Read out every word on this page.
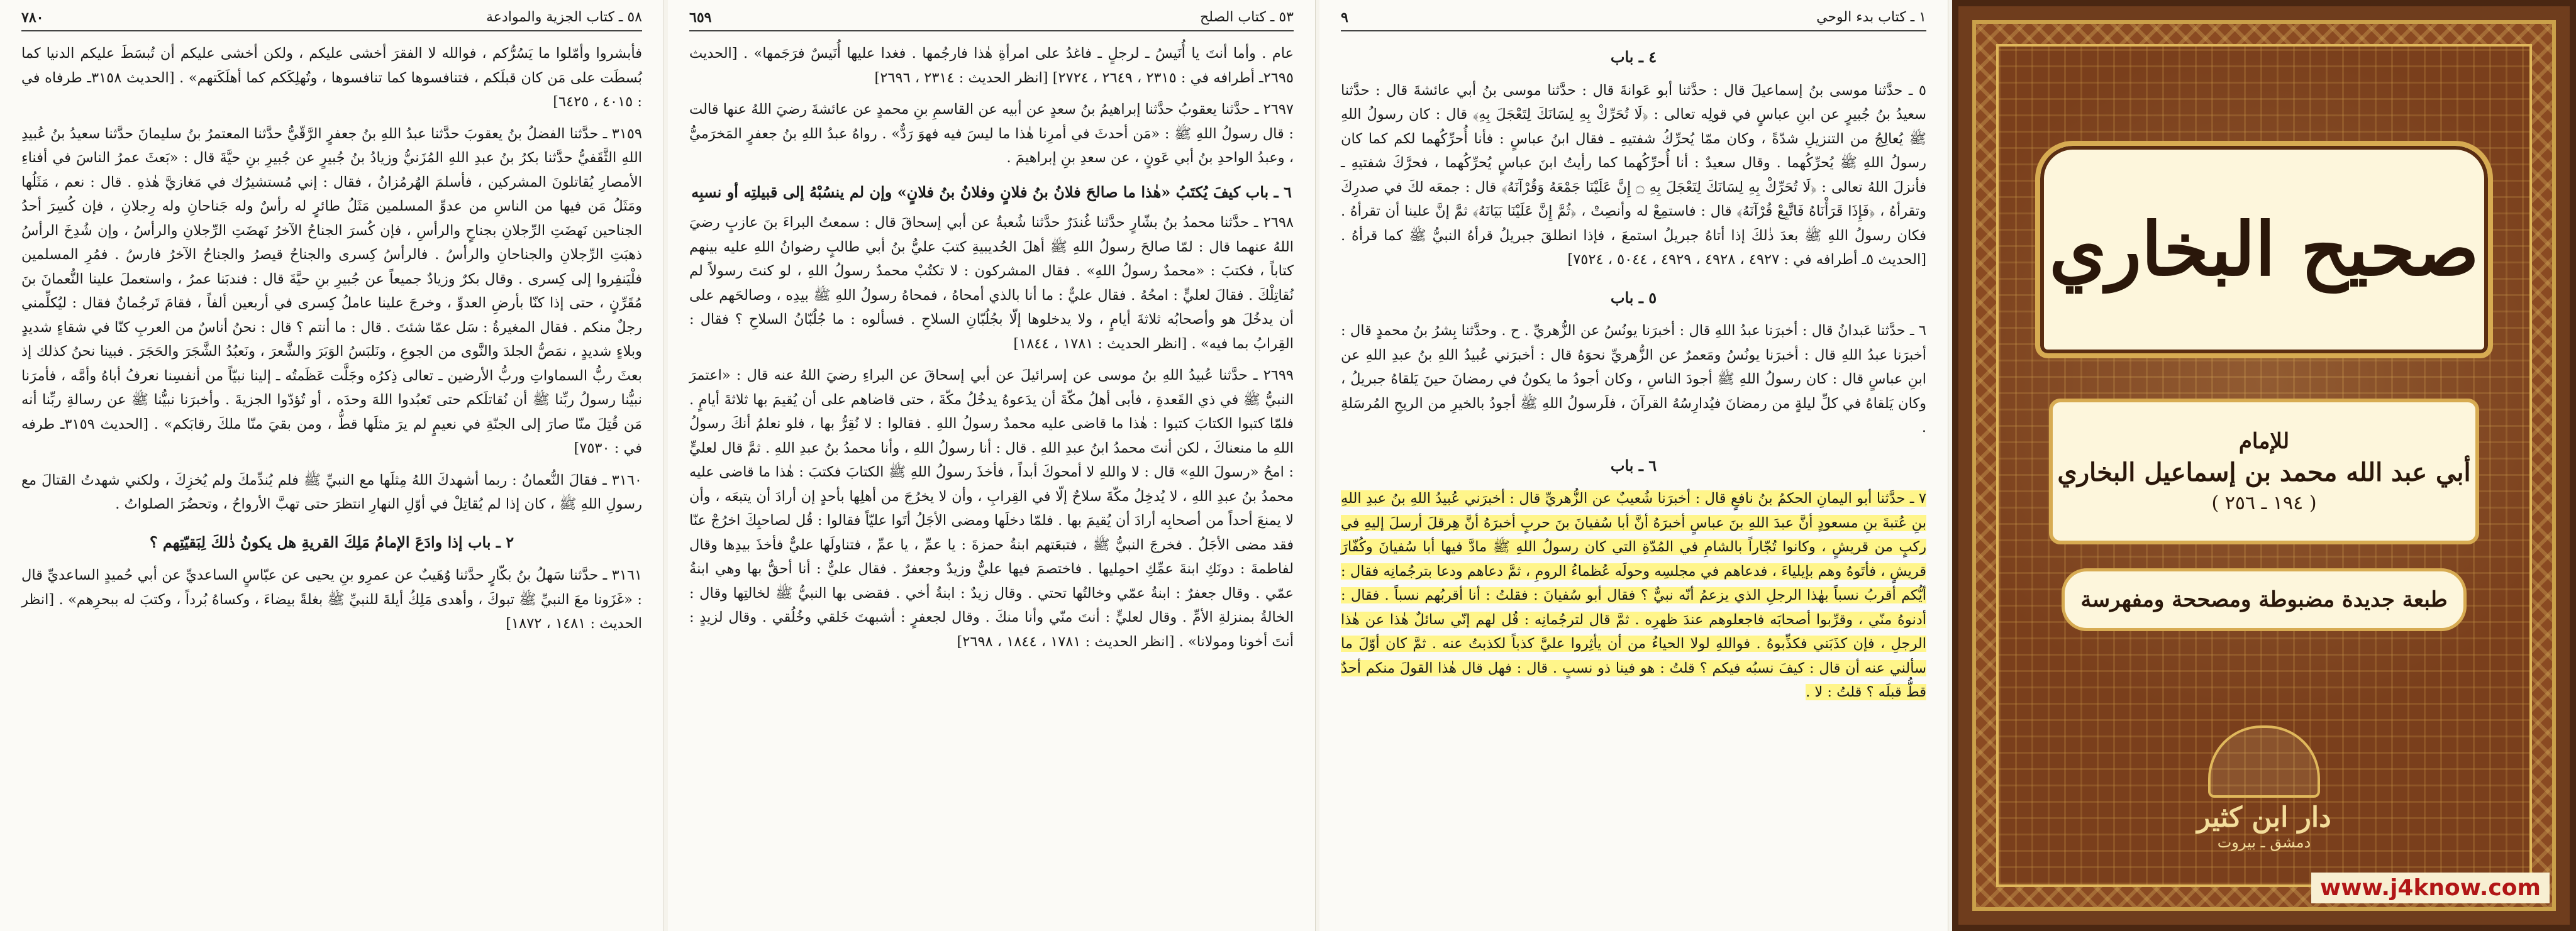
٧٨٠	٥٨ ـ كتاب الجزية والموادعة

فأبشروا وأمّلوا ما يَسُرُّكم ، فوالله لا الفقرَ أخشى عليكم ، ولكن أخشى عليكم أن تُبسَطَ عليكم الدنيا كما بُسطَت على مَن كان قبلَكم ، فتنافسوها كما تنافسوها ، وتُهلِكَكم كما أهلَكَتهم» . [الحديث ٣١٥٨ـ طرفاه في : ٤٠١٥ ، ٦٤٢٥]

٣١٥٩ ـ حدَّثنا الفضلُ بنُ يعقوبَ حدَّثنا عبدُ اللهِ بنُ جعفرٍ الرَّقّيُّ حدَّثنا المعتمرُ بنُ سليمانَ حدَّثنا سعيدُ بنُ عُبيدِ اللهِ الثَّقَفيُّ حدَّثنا بكرُ بنُ عبدِ اللهِ المُزَنيُّ وزيادُ بنُ جُبيرٍ عن جُبيرِ بنِ حيَّةَ قال : «بَعثَ عمرُ الناسَ في أفناءِ الأمصارِ يُقاتلونَ المشركين ، فأسلمَ الهُرمُزانُ ، فقال : إني مُستشيرُك في مَغازيَّ هٰذهِ . قال : نعم ، مَثَلُها ومَثَلُ مَن فيها من الناسِ من عدوِّ المسلمين مَثَلُ طائرٍ له رأسٌ وله جَناحانِ وله رِجلانِ ، فإن كُسِرَ أحدُ الجناحين نَهضَتِ الرِّجلانِ بجناحٍ والرأسِ ، فإن كُسرَ الجناحُ الآخرُ نَهضَتِ الرِّجلانِ والرأسُ ، وإن شُدِخَ الرأسُ ذهبَتِ الرِّجلانِ والجناحانِ والرأسُ . فالرأسُ كِسرى والجناحُ قيصرُ والجناحُ الآخرُ فارسُ . فمُرِ المسلمين فلْيَنفِروا إلى كِسرى . وقال بكرٌ وزيادٌ جميعاً عن جُبيرِ بنِ حيَّةَ قال : فندبَنا عمرُ ، واستعملَ علينا النُّعمانَ بنَ مُقَرِّنٍ ، حتى إذا كنّا بأرضِ العدوِّ ، وخرجَ علينا عاملُ كِسرى في أربعين ألفاً ، فقامَ تَرجُمانٌ فقال : ليُكلِّمني رجلٌ منكم . فقال المغيرةُ : سَل عمّا شئتَ . قال : ما أنتم ؟ قال : نحنُ أناسٌ من العربِ كنّا في شقاءٍ شديدٍ وبلاءٍ شديدٍ ، نمَصُّ الجلدَ والنَّوى من الجوعِ ، ونَلبَسُ الوَبَرَ والشَّعرَ ، ونَعبُدُ الشَّجَرَ والحَجَرَ . فبينا نحنُ كذلك إذ بعثَ ربُّ السماواتِ وربُّ الأرضين ـ تعالى ذِكرُه وجَلَّت عَظَمتُه ـ إلينا نبيّاً من أنفسِنا نعرفُ أباهُ وأمَّه ، فأمرَنا نبيُّنا رسولُ ربِّنا ﷺ أن نُقاتلَكم حتى تَعبُدوا اللهَ وحدَه ، أو تُؤدّوا الجزيةَ . وأخبرَنا نبيُّنا ﷺ عن رسالةِ ربِّنا أنه مَن قُتِلَ منّا صارَ إلى الجنّةِ في نعيمٍ لم يرَ مثلَها قطُّ ، ومن بقيَ منّا ملكَ رقابَكم» . [الحديث ٣١٥٩ـ طرفه في : ٧٥٣٠]

٣١٦٠ ـ فقالَ النُّعمانُ : ربما أشهدكَ اللهُ مِثلَها مع النبيِّ ﷺ فلم يُندِّمكَ ولم يُخزِكَ ، ولكني شهدتُ القتالَ مع رسولِ اللهِ ﷺ ، كان إذا لم يُقاتِلْ في أوّلِ النهارِ انتظرَ حتى تهبَّ الأرواحُ ، وتحضُرَ الصلواتُ .

٢ ـ باب إذا وادَعَ الإمامُ مَلِكَ القريةِ هل يكونُ ذٰلكَ لِبَقيّتِهم ؟

٣١٦١ ـ حدَّثنا سَهلُ بنُ بكّارٍ حدَّثنا وُهَيبٌ عن عمرِو بنِ يحيى عن عبّاسٍ الساعديِّ عن أبي حُميدٍ الساعديِّ قال : «غَزَونا معَ النبيِّ ﷺ تبوكَ ، وأهدى مَلِكُ أيلةَ للنبيِّ ﷺ بغلةً بيضاءَ ، وكساهُ بُرداً ، وكتبَ له ببحرِهم» . [انظر الحديث : ١٤٨١ ، ١٨٧٢]

٦٥٩	٥٣ ـ كتاب الصلح

عام . وأما أنتَ يا أُنَيسُ ـ لرجلٍ ـ فاغدُ على امرأةِ هٰذا فارجُمها . فغدا عليها أُنَيسٌ فرَجَمها» . [الحديث ٢٦٩٥ـ أطرافه في : ٢٣١٥ ، ٢٦٤٩ ، ٢٧٢٤] [انظر الحديث : ٢٣١٤ ، ٢٦٩٦]

٢٦٩٧ ـ حدَّثنا يعقوبُ حدَّثنا إبراهيمُ بنُ سعدٍ عن أبيه عن القاسمِ بنِ محمدٍ عن عائشةَ رضيَ اللهُ عنها قالت : قال رسولُ اللهِ ﷺ : «مَن أحدثَ في أمرِنا هٰذا ما ليسَ فيه فهوَ رَدٌّ» . رواهُ عبدُ اللهِ بنُ جعفرٍ المَخرَميُّ ، وعبدُ الواحدِ بنُ أبي عَونٍ ، عن سعدِ بنِ إبراهيمَ .

٦ ـ باب كيفَ يُكتَبُ «هٰذا ما صالحَ فلانُ بنُ فلانٍ وفلانُ بنُ فلانٍ» وإن لم ينسُبْهُ إلى قبيلتِه أو نسبِه

٢٦٩٨ ـ حدَّثنا محمدُ بنُ بشّارٍ حدَّثنا غُندَرٌ حدَّثنا شُعبةُ عن أبي إسحاقَ قال : سمعتُ البراءَ بنَ عازبٍ رضيَ اللهُ عنهما قال : لمّا صالحَ رسولُ اللهِ ﷺ أهلَ الحُديبيةِ كتبَ عليُّ بنُ أبي طالبٍ رضوانُ اللهِ عليه بينهم كتاباً ، فكتبَ : «محمدٌ رسولُ اللهِ» . فقال المشركون : لا تكتُبْ محمدٌ رسولُ اللهِ ، لو كنتَ رسولاً لم نُقاتِلْكَ . فقالَ لعليٍّ : امحُهُ . فقال عليٌّ : ما أنا بالذي أمحاهُ ، فمحاهُ رسولُ اللهِ ﷺ بيدِه ، وصالحَهم على أن يدخُلَ هو وأصحابُه ثلاثةَ أيامٍ ، ولا يدخلوها إلّا بجُلُبّانِ السلاحِ . فسألوه : ما جُلُبّانُ السلاحِ ؟ فقال : القِرابُ بما فيه» . [انظر الحديث : ١٧٨١ ، ١٨٤٤]

٢٦٩٩ ـ حدَّثنا عُبيدُ اللهِ بنُ موسى عن إسرائيلَ عن أبي إسحاقَ عن البراءِ رضيَ اللهُ عنه قال : «اعتمرَ النبيُّ ﷺ في ذي القَعدةِ ، فأبى أهلُ مكّةَ أن يدَعوهُ يدخُلُ مكّةَ ، حتى قاضاهم على أن يُقيمَ بها ثلاثةَ أيامٍ . فلمّا كتبوا الكتابَ كتبوا : هٰذا ما قاضى عليه محمدٌ رسولُ اللهِ . فقالوا : لا نُقِرُّ بها ، فلو نعلمُ أنكَ رسولُ اللهِ ما منعناكَ ، لكن أنتَ محمدُ ابنُ عبدِ اللهِ . قال : أنا رسولُ اللهِ ، وأنا محمدُ بنُ عبدِ اللهِ . ثمَّ قال لعليٍّ : امحُ «رسولَ اللهِ» قال : لا واللهِ لا أمحوكَ أبداً ، فأخذَ رسولُ اللهِ ﷺ الكتابَ فكتبَ : هٰذا ما قاضى عليه محمدُ بنُ عبدِ اللهِ ، لا يُدخِلُ مكّةَ سلاحٌ إلّا في القِرابِ ، وأن لا يخرُجَ من أهلِها بأحدٍ إن أرادَ أن يتبعَه ، وأن لا يمنعَ أحداً من أصحابِه أرادَ أن يُقيمَ بها . فلمّا دخلَها ومضى الأجَلُ أتَوا عليّاً فقالوا : قُل لصاحبِكَ اخرُجْ عنّا فقد مضى الأجَلُ . فخرجَ النبيُّ ﷺ ، فتبعَتهم ابنةُ حمزةَ : يا عمِّ ، يا عمِّ ، فتناولَها عليٌّ فأخذَ بيدِها وقال لفاطمةَ : دونَكِ ابنةَ عمِّكِ احمِليها . فاختصمَ فيها عليٌّ وزيدٌ وجعفرٌ . فقال عليٌّ : أنا أحقُّ بها وهي ابنةُ عمّي . وقال جعفرٌ : ابنةُ عمّي وخالتُها تحتي . وقال زيدٌ : ابنةُ أخي . فقضى بها النبيُّ ﷺ لخالتِها وقال : الخالةُ بمنزلةِ الأمِّ . وقال لعليٍّ : أنتَ منّي وأنا منكَ . وقال لجعفرٍ : أشبهتَ خَلقي وخُلُقي . وقال لزيدٍ : أنتَ أخونا ومولانا» . [انظر الحديث : ١٧٨١ ، ١٨٤٤ ، ٢٦٩٨]

٩	١ ـ كتاب بدء الوحي
٤ ـ باب

٥ ـ حدَّثنا موسى بنُ إسماعيلَ قال : حدَّثنا أبو عَوانةَ قال : حدَّثنا موسى بنُ أبي عائشةَ قال : حدَّثنا سعيدُ بنُ جُبيرٍ عن ابنِ عباسٍ في قولِه تعالى : ﴿لَا تُحَرِّكْ بِهِ لِسَانَكَ لِتَعْجَلَ بِهِ﴾ قال : كان رسولُ اللهِ ﷺ يُعالِجُ من التنزيلِ شدّةً ، وكان ممّا يُحرِّكُ شفتيهِ ـ فقال ابنُ عباسٍ : فأنا أُحرِّكُهما لكم كما كان رسولُ اللهِ ﷺ يُحرِّكُهما . وقال سعيدٌ : أنا أُحرِّكُهما كما رأيتُ ابنَ عباسٍ يُحرِّكُهما ، فحرَّكَ شفتيهِ ـ فأنزلَ اللهُ تعالى : ﴿لَا تُحَرِّكْ بِهِ لِسَانَكَ لِتَعْجَلَ بِهِ ۝ إِنَّ عَلَيْنَا جَمْعَهُ وَقُرْآنَهُ﴾ قال : جمعَه لكَ في صدرِكَ وتقرأهُ ، ﴿فَإِذَا قَرَأْنَاهُ فَاتَّبِعْ قُرْآنَهُ﴾ قال : فاستمِعْ له وأنصِتْ ، ﴿ثُمَّ إِنَّ عَلَيْنَا بَيَانَهُ﴾ ثمَّ إنَّ علينا أن تقرأهُ . فكان رسولُ اللهِ ﷺ بعدَ ذٰلكَ إذا أتاهُ جبريلُ استمعَ ، فإذا انطلقَ جبريلُ قرأهُ النبيُّ ﷺ كما قرأهُ . [الحديث ٥ـ أطرافه في : ٤٩٢٧ ، ٤٩٢٨ ، ٤٩٢٩ ، ٥٠٤٤ ، ٧٥٢٤]

٥ ـ باب

٦ ـ حدَّثنا عَبدانُ قال : أخبرَنا عبدُ اللهِ قال : أخبرَنا يونُسُ عن الزُّهريِّ . ح . وحدَّثنا بِشرُ بنُ محمدٍ قال : أخبرَنا عبدُ اللهِ قال : أخبرَنا يونُسُ ومَعمرٌ عن الزُّهريِّ نحوَهُ قال : أخبرَني عُبيدُ اللهِ بنُ عبدِ اللهِ عن ابنِ عباسٍ قال : كان رسولُ اللهِ ﷺ أجودَ الناسِ ، وكان أجودُ ما يكونُ في رمضانَ حينَ يَلقاهُ جبريلُ ، وكان يَلقاهُ في كلِّ ليلةٍ من رمضانَ فيُدارِسُهُ القرآنَ ، فلَرسولُ اللهِ ﷺ أجودُ بالخيرِ من الريحِ المُرسَلةِ .

٦ ـ باب

٧ ـ حدَّثنا أبو اليمانِ الحكمُ بنُ نافعٍ قال : أخبرَنا شُعيبٌ عن الزُّهريِّ قال : أخبرَني عُبيدُ اللهِ بنُ عبدِ اللهِ بنِ عُتبةَ بنِ مسعودٍ أنَّ عبدَ اللهِ بنَ عباسٍ أخبرَهُ أنَّ أبا سُفيانَ بنَ حربٍ أخبرَهُ أنَّ هِرقلَ أرسلَ إليهِ في ركبٍ من قريشٍ ، وكانوا تُجّاراً بالشامِ في المُدّةِ التي كان رسولُ اللهِ ﷺ مادَّ فيها أبا سُفيانَ وكُفّارَ قريشٍ ، فأتَوهُ وهم بإيلياءَ ، فدعاهم في مجلسِه وحولَه عُظماءُ الرومِ ، ثمَّ دعاهم ودعا بترجُمانِه فقال : أيُّكم أقربُ نسباً بهٰذا الرجلِ الذي يزعمُ أنّه نبيٌّ ؟ فقال أبو سُفيانَ : فقلتُ : أنا أقربُهم نسباً . فقال : أدنوهُ منّي ، وقرِّبوا أصحابَه فاجعلوهم عندَ ظهرِه . ثمَّ قال لترجُمانِه : قُل لهم إنّي سائلٌ هٰذا عن هٰذا الرجلِ ، فإن كذَبَني فكذِّبوهُ . فواللهِ لولا الحياءُ من أن يأثِروا عليَّ كذباً لكذبتُ عنه . ثمَّ كان أوّلَ ما سألني عنه أن قال : كيفَ نسبُه فيكم ؟ قلتُ : هو فينا ذو نسبٍ . قال : فهل قال هٰذا القولَ منكم أحدٌ قطُّ قبلَه ؟ قلتُ : لا .

صحيح البخاري
للإمام
أبي عبد الله محمد بن إسماعيل البخاري
( ١٩٤ ـ ٢٥٦ )
طبعة جديدة مضبوطة ومصححة ومفهرسة
دار ابن كثير
دمشق ـ بيروت
www.j4know.com
